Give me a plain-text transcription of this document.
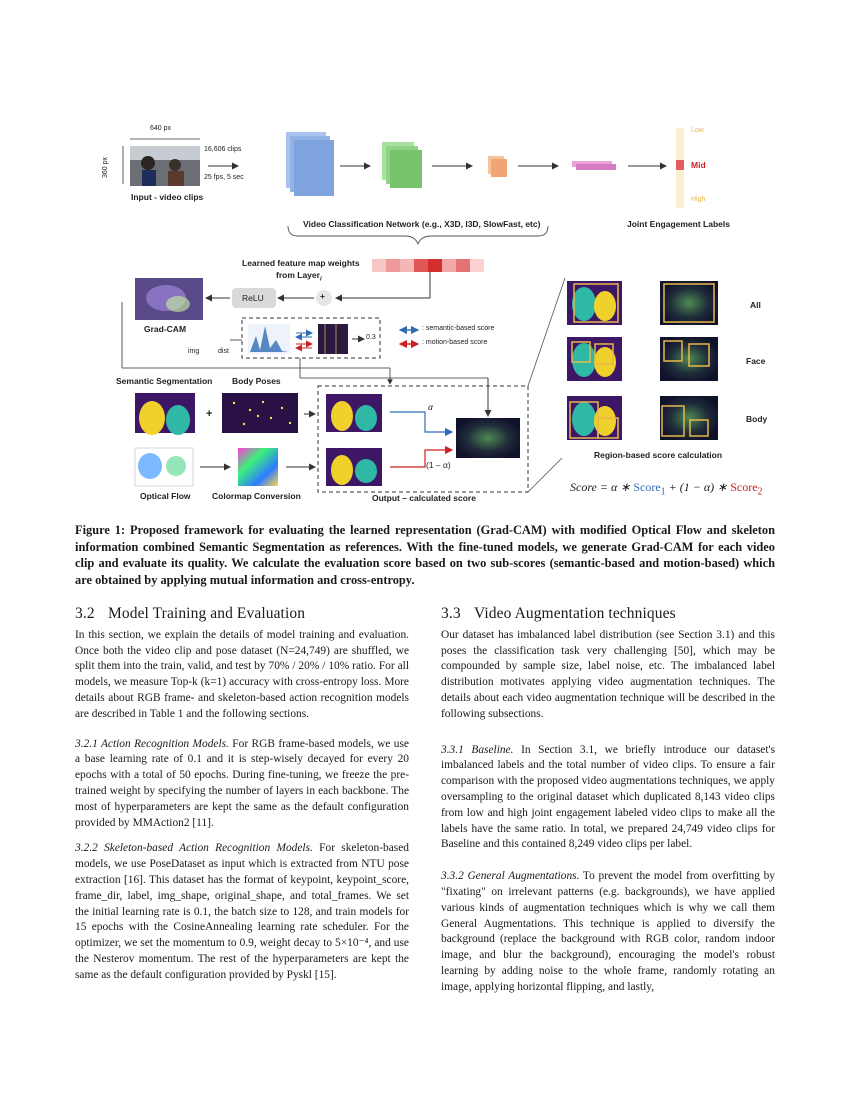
640 px
360 px
16,606 clips
25 fps, 5 sec
Input - video clips
Video Classification Network (e.g., X3D, I3D, SlowFast, etc)	Joint Engagement Labels
Low
Mid
High
Learned feature map weights
from Layer$_i$
ReLU	+
Grad-CAM
img	dist
0.3
: semantic-based score
: motion-based score
Semantic Segmentation Body Poses
+
Optical Flow	Colormap Conversion	Output – calculated score
α
(1 – α)
All
Face
Body
Region-based score calculation
Score = α ∗ Score$_1$ + (1 − α) ∗ Score$_2$
Figure 1: Proposed framework for evaluating the learned representation (Grad-CAM) with modified Optical Flow and skeleton information combined Semantic Segmentation as references. With the fine-tuned models, we generate Grad-CAM for each video clip and evaluate its quality. We calculate the evaluation score based on two sub-scores (semantic-based and motion-based) which are obtained by applying mutual information and cross-entropy.
3.2 Model Training and Evaluation

In this section, we explain the details of model training and evaluation. Once both the video clip and pose dataset (N=24,749) are shuffled, we split them into the train, valid, and test by 70% / 20% / 10% ratio. For all models, we measure Top-k (k=1) accuracy with cross-entropy loss. More details about RGB frame- and skeleton-based action recognition models are described in Table 1 and the following sections.

3.2.1 Action Recognition Models. For RGB frame-based models, we use a base learning rate of 0.1 and it is step-wisely decayed for every 20 epochs with a total of 50 epochs. During fine-tuning, we freeze the pre-trained weight by specifying the number of layers in each backbone. The most of hyperparameters are kept the same as the default configuration provided by MMAction2 [11].

3.2.2 Skeleton-based Action Recognition Models. For skeleton-based models, we use PoseDataset as input which is extracted from NTU pose extraction [16]. This dataset has the format of keypoint, keypoint_score, frame_dir, label, img_shape, original_shape, and total_frames. We set the initial learning rate is 0.1, the batch size to 128, and train models for 15 epochs with the CosineAnnealing learning rate scheduler. For the optimizer, we set the momentum to 0.9, weight decay to 5×10⁻⁴, and use the Nesterov momentum. The rest of the hyperparameters are kept the same as the default configuration provided by Pyskl [15].

3.3 Video Augmentation techniques

Our dataset has imbalanced label distribution (see Section 3.1) and this poses the classification task very challenging [50], which may be compounded by sample size, label noise, etc. The imbalanced label distribution motivates applying video augmentation techniques. The details about each video augmentation technique will be described in the following subsections.

3.3.1 Baseline. In Section 3.1, we briefly introduce our dataset's imbalanced labels and the total number of video clips. To ensure a fair comparison with the proposed video augmentations techniques, we apply oversampling to the original dataset which duplicated 8,143 video clips from low and high joint engagement labeled video clips to make all the labels have the same ratio. In total, we prepared 24,749 video clips for Baseline and this contained 8,249 video clips per label.

3.3.2 General Augmentations. To prevent the model from overfitting by "fixating" on irrelevant patterns (e.g. backgrounds), we have applied various kinds of augmentation techniques which is why we call them General Augmentations. This technique is applied to diversify the background (replace the background with RGB color, random indoor image, and blur the background), encouraging the model's robust learning by adding noise to the whole frame, randomly rotating an image, applying horizontal flipping, and lastly,
